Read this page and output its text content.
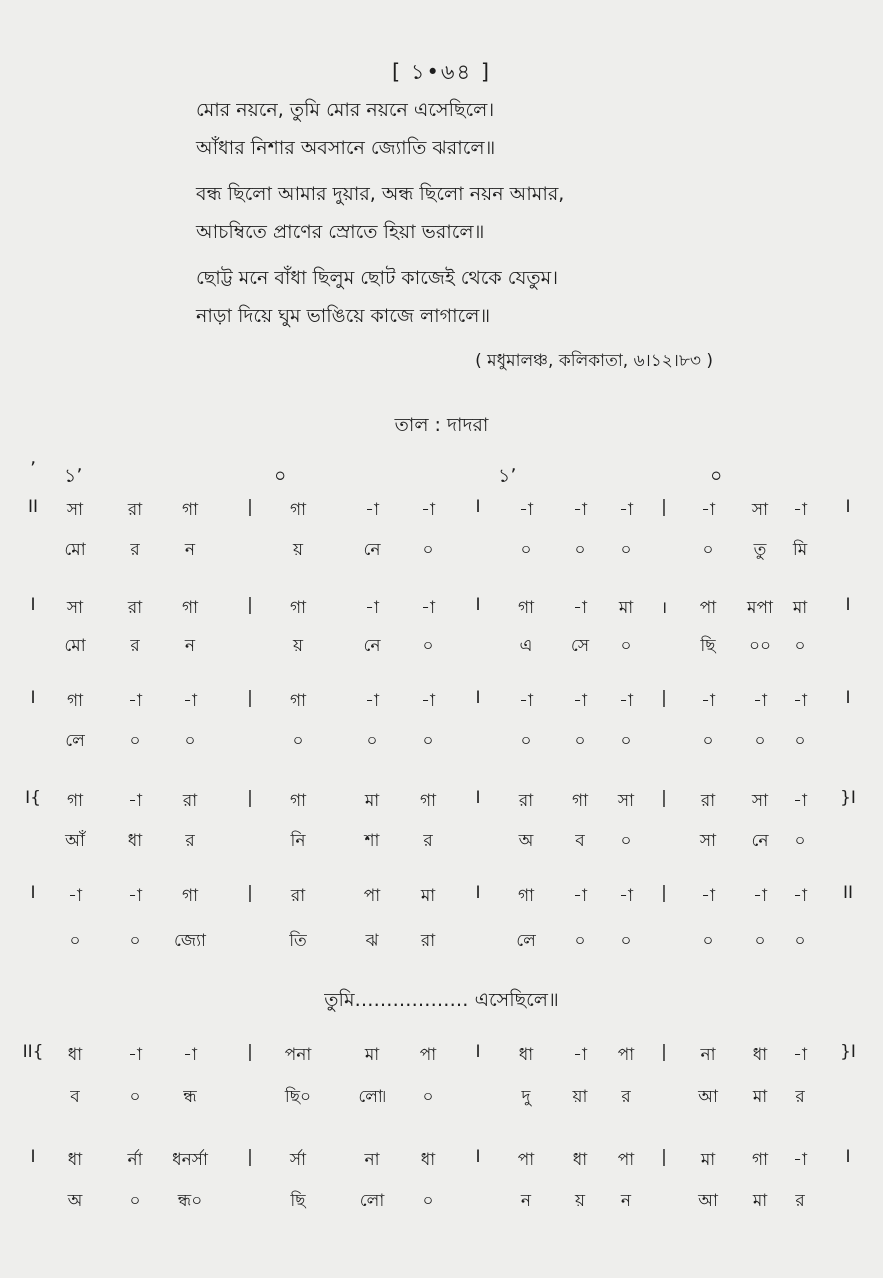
[ ১•৬৪ ]
মোর নয়নে, তুমি মোর নয়নে এসেছিলে।
আঁধার নিশার অবসানে জ্যোতি ঝরালে॥
বন্ধ ছিলো আমার দুয়ার, অন্ধ ছিলো নয়ন আমার,
আচম্বিতে প্রাণের স্রোতে হিয়া ভরালে॥
ছোট্ট মনে বাঁধা ছিলুম ছোট কাজেই থেকে যেতুম।
নাড়া দিয়ে ঘুম ভাঙিয়ে কাজে লাগালে॥
( মধুমালঞ্চ, কলিকাতা, ৬।১২।৮৩ )
তাল : দাদরা
ʼ ১ʼ	০	১ʼ	০
II সা	রা গা	| গা	-া -া I -া -া -া | -া সা -া I
মো	র	ন	য়	নে ০	০	০ ০	০ তু মি
I সা	রা গা	| গা	-া -া I গা -া মা । পা মপা মা I
মো	র	ন	য়	নে ০	এ সে ০	ছি ০০ ০
I গা	-া -া	| গা	-া -া I -া -া -া | -া -া -া I
লে	০	০	০	০	০	০	০ ০	০ ০ ০
I{ গা	-া রা	| গা	মা গা I রা গা সা | রা সা -া }I
আঁ	ধা	র	নি	শা	র	অ ব ০	সা নে ০
I -া	-া গা	| রা	পা মা I গা -া -া | -া -া -া II
০	০ জ্যো	তি	ঝ রা	লে ০ ০	০ ০ ০
II{ ধা	-া -া	| পনা	মা পা I ধা -া পা | না ধা -া }I
ব	০	ন্ধ	ছি০	লো৷ ০	দু য়া র	আ মা র
I ধা	র্না ধনর্সা | র্সা	না ধা I পা ধা পা | মা গা -া I
অ	০ ন্ধ০	ছি	লো ০	ন	য় ন	আ মা র
তুমি……………… এসেছিলে॥
